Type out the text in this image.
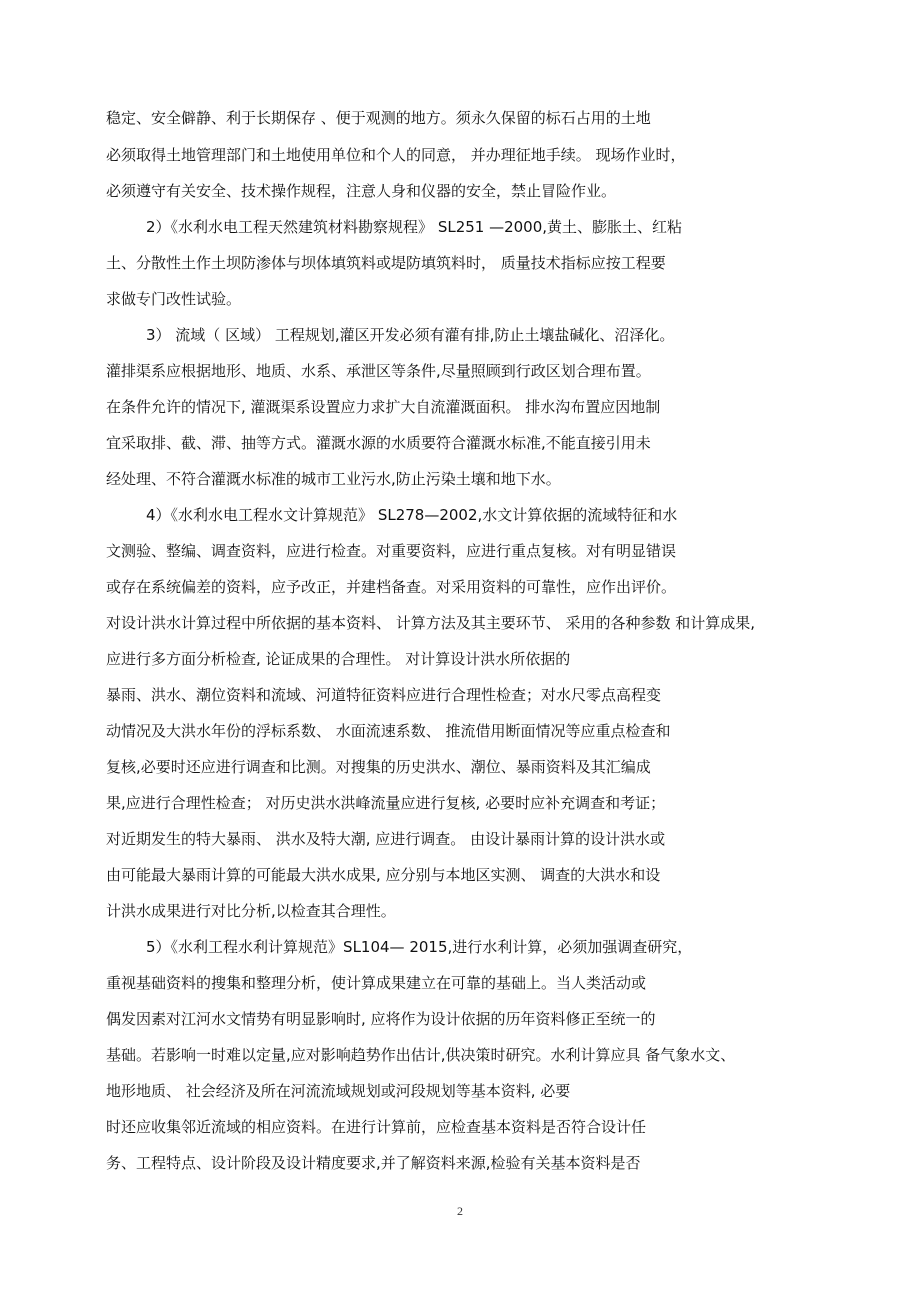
稳定、安全僻静、利于长期保存 、便于观测的地方。须永久保留的标石占用的土地
必须取得土地管理部门和土地使用单位和个人的同意， 并办理征地手续。 现场作业时，
必须遵守有关安全、技术操作规程，注意人身和仪器的安全，禁止冒险作业。
2）《水利水电工程天然建筑材料勘察规程》 SL251 —2000,黄土、膨胀土、红粘
土、分散性土作土坝防渗体与坝体填筑料或堤防填筑料时， 质量技术指标应按工程要
求做专门改性试验。
3） 流域（ 区域） 工程规划,灌区开发必须有灌有排,防止土壤盐碱化、沼泽化。
灌排渠系应根据地形、地质、水系、承泄区等条件,尽量照顾到行政区划合理布置。
在条件允许的情况下, 灌溉渠系设置应力求扩大自流灌溉面积。 排水沟布置应因地制
宜采取排、截、滞、抽等方式。灌溉水源的水质要符合灌溉水标准,不能直接引用未
经处理、不符合灌溉水标准的城市工业污水,防止污染土壤和地下水。
4）《水利水电工程水文计算规范》 SL278—2002,水文计算依据的流域特征和水
文测验、整编、调查资料，应进行检查。对重要资料，应进行重点复核。对有明显错误
或存在系统偏差的资料，应予改正，并建档备查。对采用资料的可靠性，应作出评价。
对设计洪水计算过程中所依据的基本资料、 计算方法及其主要环节、 采用的各种参数 和计算成果,
应进行多方面分析检查, 论证成果的合理性。 对计算设计洪水所依据的
暴雨、洪水、潮位资料和流域、河道特征资料应进行合理性检查；对水尺零点高程变
动情况及大洪水年份的浮标系数、 水面流速系数、 推流借用断面情况等应重点检查和
复核,必要时还应进行调查和比测。对搜集的历史洪水、潮位、暴雨资料及其汇编成
果,应进行合理性检查； 对历史洪水洪峰流量应进行复核, 必要时应补充调查和考证；
对近期发生的特大暴雨、 洪水及特大潮, 应进行调查。 由设计暴雨计算的设计洪水或
由可能最大暴雨计算的可能最大洪水成果, 应分别与本地区实测、 调查的大洪水和设
计洪水成果进行对比分析,以检查其合理性。
5）《水利工程水利计算规范》SL104— 2015,进行水利计算，必须加强调查研究，
重视基础资料的搜集和整理分析，使计算成果建立在可靠的基础上。当人类活动或
偶发因素对江河水文情势有明显影响时, 应将作为设计依据的历年资料修正至统一的
基础。若影响一时难以定量,应对影响趋势作出估计,供决策时研究。水利计算应具 备气象水文、
地形地质、 社会经济及所在河流流域规划或河段规划等基本资料, 必要
时还应收集邻近流域的相应资料。在进行计算前，应检查基本资料是否符合设计任
务、工程特点、设计阶段及设计精度要求,并了解资料来源,检验有关基本资料是否
2
